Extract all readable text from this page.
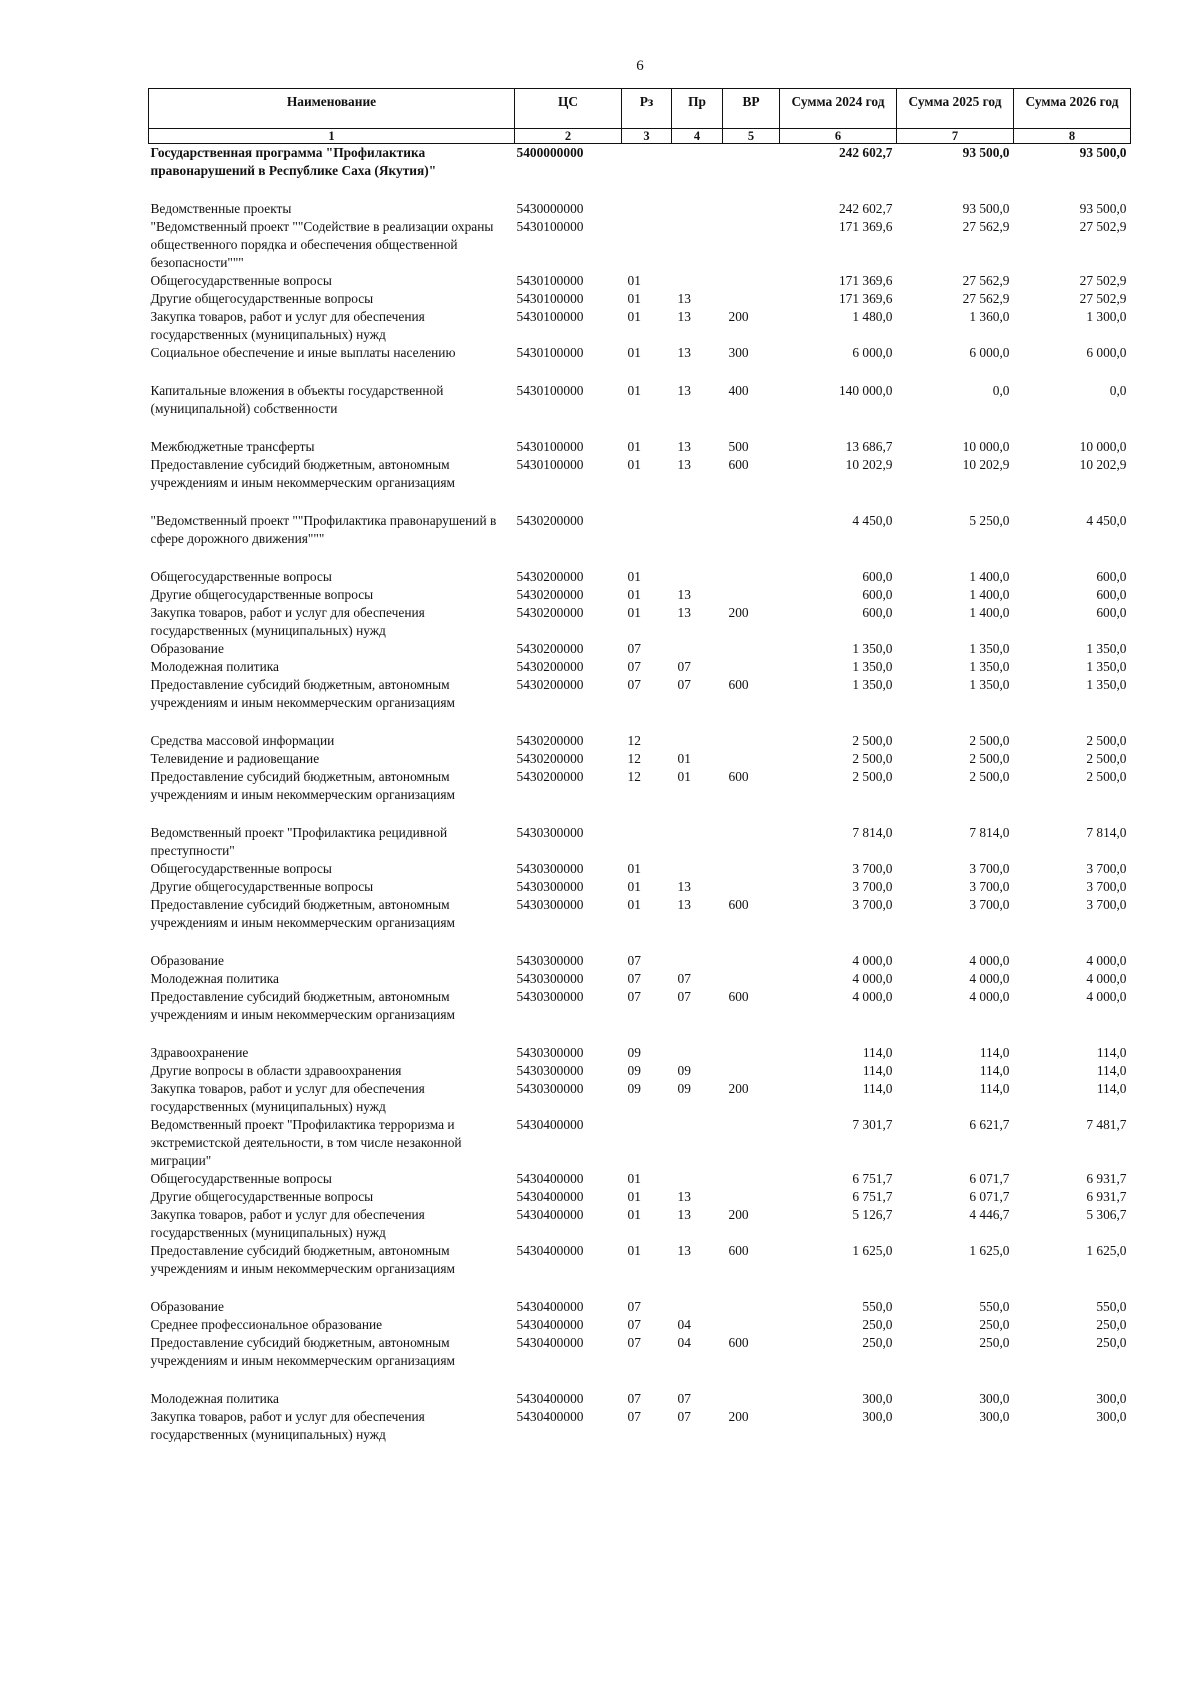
6
Наименование	ЦС	Рз	Пр	ВР	Сумма 2024 год	Сумма 2025 год	Сумма 2026 год
1	2	3	4	5	6	7	8
Государственная программа "Профилактика правонарушений в Республике Саха (Якутия)"	5400000000				242 602,7	93 500,0	93 500,0
Ведомственные проекты	5430000000				242 602,7	93 500,0	93 500,0
"Ведомственный проект ""Содействие в реализации охраны общественного порядка и обеспечения общественной безопасности"""	5430100000				171 369,6	27 562,9	27 502,9
Общегосударственные вопросы	5430100000	01			171 369,6	27 562,9	27 502,9
Другие общегосударственные вопросы	5430100000	01	13		171 369,6	27 562,9	27 502,9
Закупка товаров, работ и услуг для обеспечения государственных (муниципальных) нужд	5430100000	01	13	200	1 480,0	1 360,0	1 300,0
Социальное обеспечение и иные выплаты населению	5430100000	01	13	300	6 000,0	6 000,0	6 000,0
Капитальные вложения в объекты государственной (муниципальной) собственности	5430100000	01	13	400	140 000,0	0,0	0,0
Межбюджетные трансферты	5430100000	01	13	500	13 686,7	10 000,0	10 000,0
Предоставление субсидий бюджетным, автономным учреждениям и иным некоммерческим организациям	5430100000	01	13	600	10 202,9	10 202,9	10 202,9
"Ведомственный проект ""Профилактика правонарушений в сфере дорожного движения"""	5430200000				4 450,0	5 250,0	4 450,0
Общегосударственные вопросы	5430200000	01			600,0	1 400,0	600,0
Другие общегосударственные вопросы	5430200000	01	13		600,0	1 400,0	600,0
Закупка товаров, работ и услуг для обеспечения государственных (муниципальных) нужд	5430200000	01	13	200	600,0	1 400,0	600,0
Образование	5430200000	07			1 350,0	1 350,0	1 350,0
Молодежная политика	5430200000	07	07		1 350,0	1 350,0	1 350,0
Предоставление субсидий бюджетным, автономным учреждениям и иным некоммерческим организациям	5430200000	07	07	600	1 350,0	1 350,0	1 350,0
Средства массовой информации	5430200000	12			2 500,0	2 500,0	2 500,0
Телевидение и радиовещание	5430200000	12	01		2 500,0	2 500,0	2 500,0
Предоставление субсидий бюджетным, автономным учреждениям и иным некоммерческим организациям	5430200000	12	01	600	2 500,0	2 500,0	2 500,0
Ведомственный проект "Профилактика рецидивной преступности"	5430300000				7 814,0	7 814,0	7 814,0
Общегосударственные вопросы	5430300000	01			3 700,0	3 700,0	3 700,0
Другие общегосударственные вопросы	5430300000	01	13		3 700,0	3 700,0	3 700,0
Предоставление субсидий бюджетным, автономным учреждениям и иным некоммерческим организациям	5430300000	01	13	600	3 700,0	3 700,0	3 700,0
Образование	5430300000	07			4 000,0	4 000,0	4 000,0
Молодежная политика	5430300000	07	07		4 000,0	4 000,0	4 000,0
Предоставление субсидий бюджетным, автономным учреждениям и иным некоммерческим организациям	5430300000	07	07	600	4 000,0	4 000,0	4 000,0
Здравоохранение	5430300000	09			114,0	114,0	114,0
Другие вопросы в области здравоохранения	5430300000	09	09		114,0	114,0	114,0
Закупка товаров, работ и услуг для обеспечения государственных (муниципальных) нужд	5430300000	09	09	200	114,0	114,0	114,0
Ведомственный проект "Профилактика терроризма и экстремистской деятельности, в том числе незаконной миграции"	5430400000				7 301,7	6 621,7	7 481,7
Общегосударственные вопросы	5430400000	01			6 751,7	6 071,7	6 931,7
Другие общегосударственные вопросы	5430400000	01	13		6 751,7	6 071,7	6 931,7
Закупка товаров, работ и услуг для обеспечения государственных (муниципальных) нужд	5430400000	01	13	200	5 126,7	4 446,7	5 306,7
Предоставление субсидий бюджетным, автономным учреждениям и иным некоммерческим организациям	5430400000	01	13	600	1 625,0	1 625,0	1 625,0
Образование	5430400000	07			550,0	550,0	550,0
Среднее профессиональное образование	5430400000	07	04		250,0	250,0	250,0
Предоставление субсидий бюджетным, автономным учреждениям и иным некоммерческим организациям	5430400000	07	04	600	250,0	250,0	250,0
Молодежная политика	5430400000	07	07		300,0	300,0	300,0
Закупка товаров, работ и услуг для обеспечения государственных (муниципальных) нужд	5430400000	07	07	200	300,0	300,0	300,0
